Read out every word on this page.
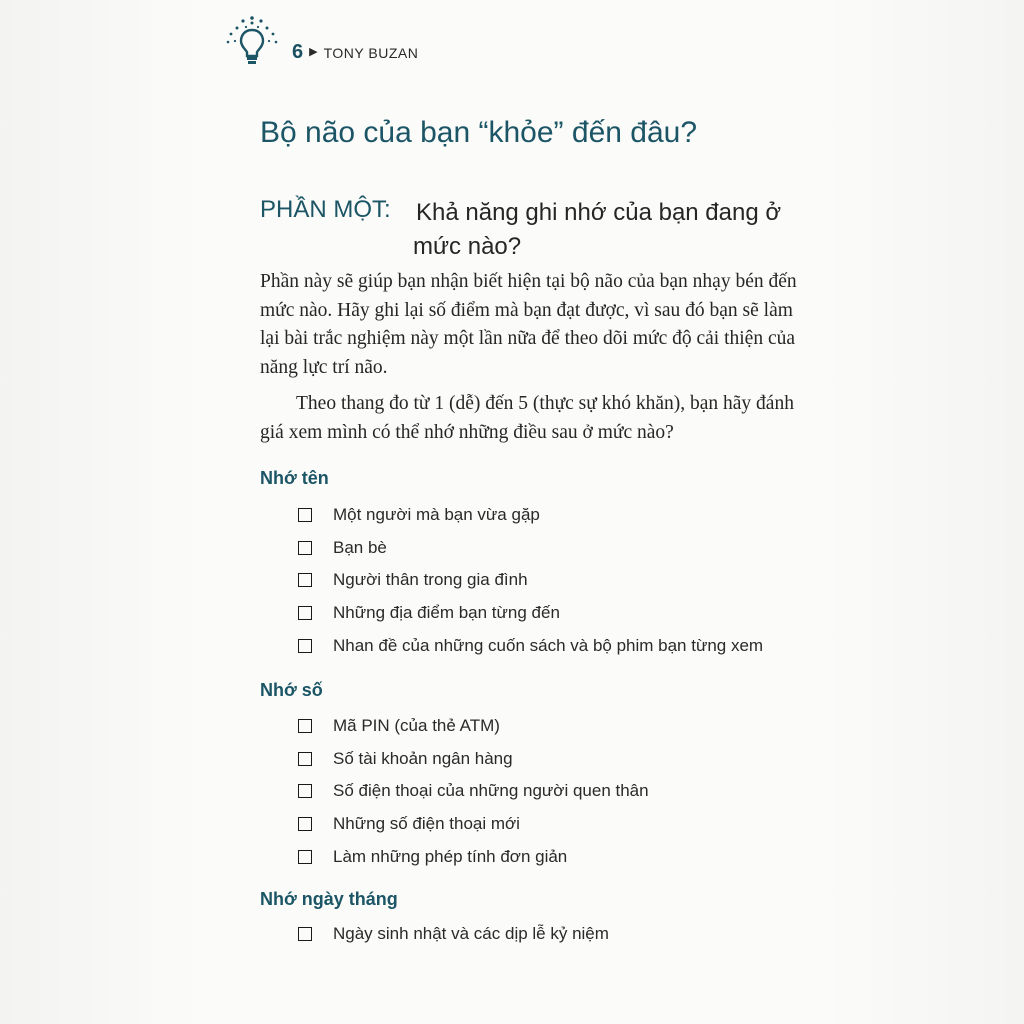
6 ▶ TONY BUZAN
Bộ não của bạn “khỏe” đến đâu?
PHẦN MỘT: Khả năng ghi nhớ của bạn đang ở
mức nào?

Phần này sẽ giúp bạn nhận biết hiện tại bộ não của bạn nhạy bén đến mức nào. Hãy ghi lại số điểm mà bạn đạt được, vì sau đó bạn sẽ làm lại bài trắc nghiệm này một lần nữa để theo dõi mức độ cải thiện của năng lực trí não.

Theo thang đo từ 1 (dễ) đến 5 (thực sự khó khăn), bạn hãy đánh giá xem mình có thể nhớ những điều sau ở mức nào?

Nhớ tên
Một người mà bạn vừa gặp
Bạn bè
Người thân trong gia đình
Những địa điểm bạn từng đến
Nhan đề của những cuốn sách và bộ phim bạn từng xem
Nhớ số
Mã PIN (của thẻ ATM)
Số tài khoản ngân hàng
Số điện thoại của những người quen thân
Những số điện thoại mới
Làm những phép tính đơn giản
Nhớ ngày tháng
Ngày sinh nhật và các dịp lễ kỷ niệm
